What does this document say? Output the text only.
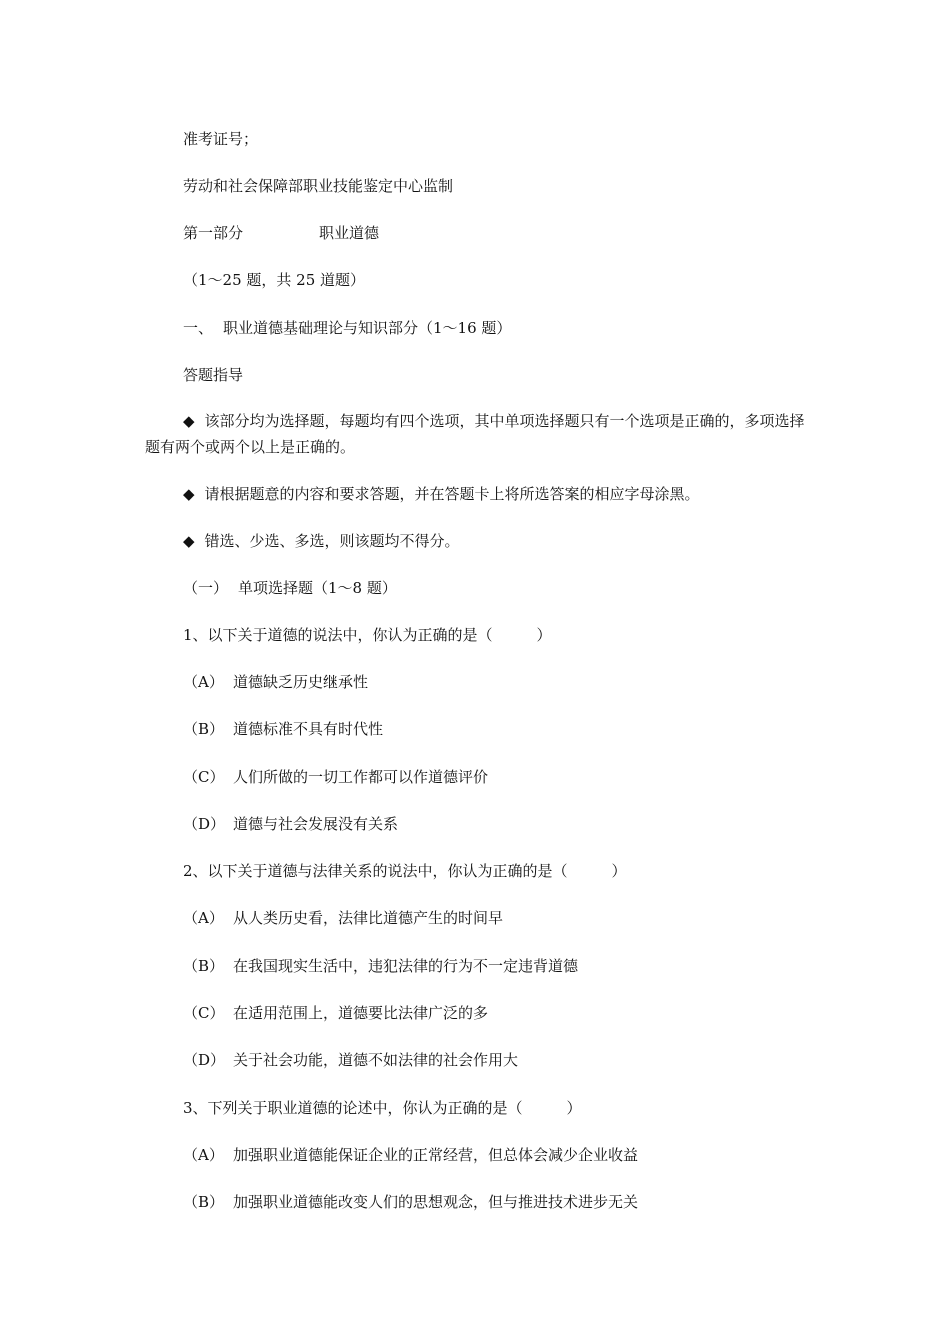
准考证号；
劳动和社会保障部职业技能鉴定中心监制
第一部分	职业道德
（1～25 题，共 25 道题）
一、 职业道德基础理论与知识部分（1～16 题）
答题指导
◆ 该部分均为选择题，每题均有四个选项，其中单项选择题只有一个选项是正确的，多项选择题有两个或两个以上是正确的。
◆ 请根据题意的内容和要求答题，并在答题卡上将所选答案的相应字母涂黑。
◆ 错选、少选、多选，则该题均不得分。
（一） 单项选择题（1～8 题）
1、以下关于道德的说法中，你认为正确的是（	）
（A） 道德缺乏历史继承性
（B） 道德标准不具有时代性
（C） 人们所做的一切工作都可以作道德评价
（D） 道德与社会发展没有关系
2、以下关于道德与法律关系的说法中，你认为正确的是（	）
（A） 从人类历史看，法律比道德产生的时间早
（B） 在我国现实生活中，违犯法律的行为不一定违背道德
（C） 在适用范围上，道德要比法律广泛的多
（D） 关于社会功能，道德不如法律的社会作用大
3、下列关于职业道德的论述中，你认为正确的是（	）
（A） 加强职业道德能保证企业的正常经营，但总体会减少企业收益
（B） 加强职业道德能改变人们的思想观念，但与推进技术进步无关
